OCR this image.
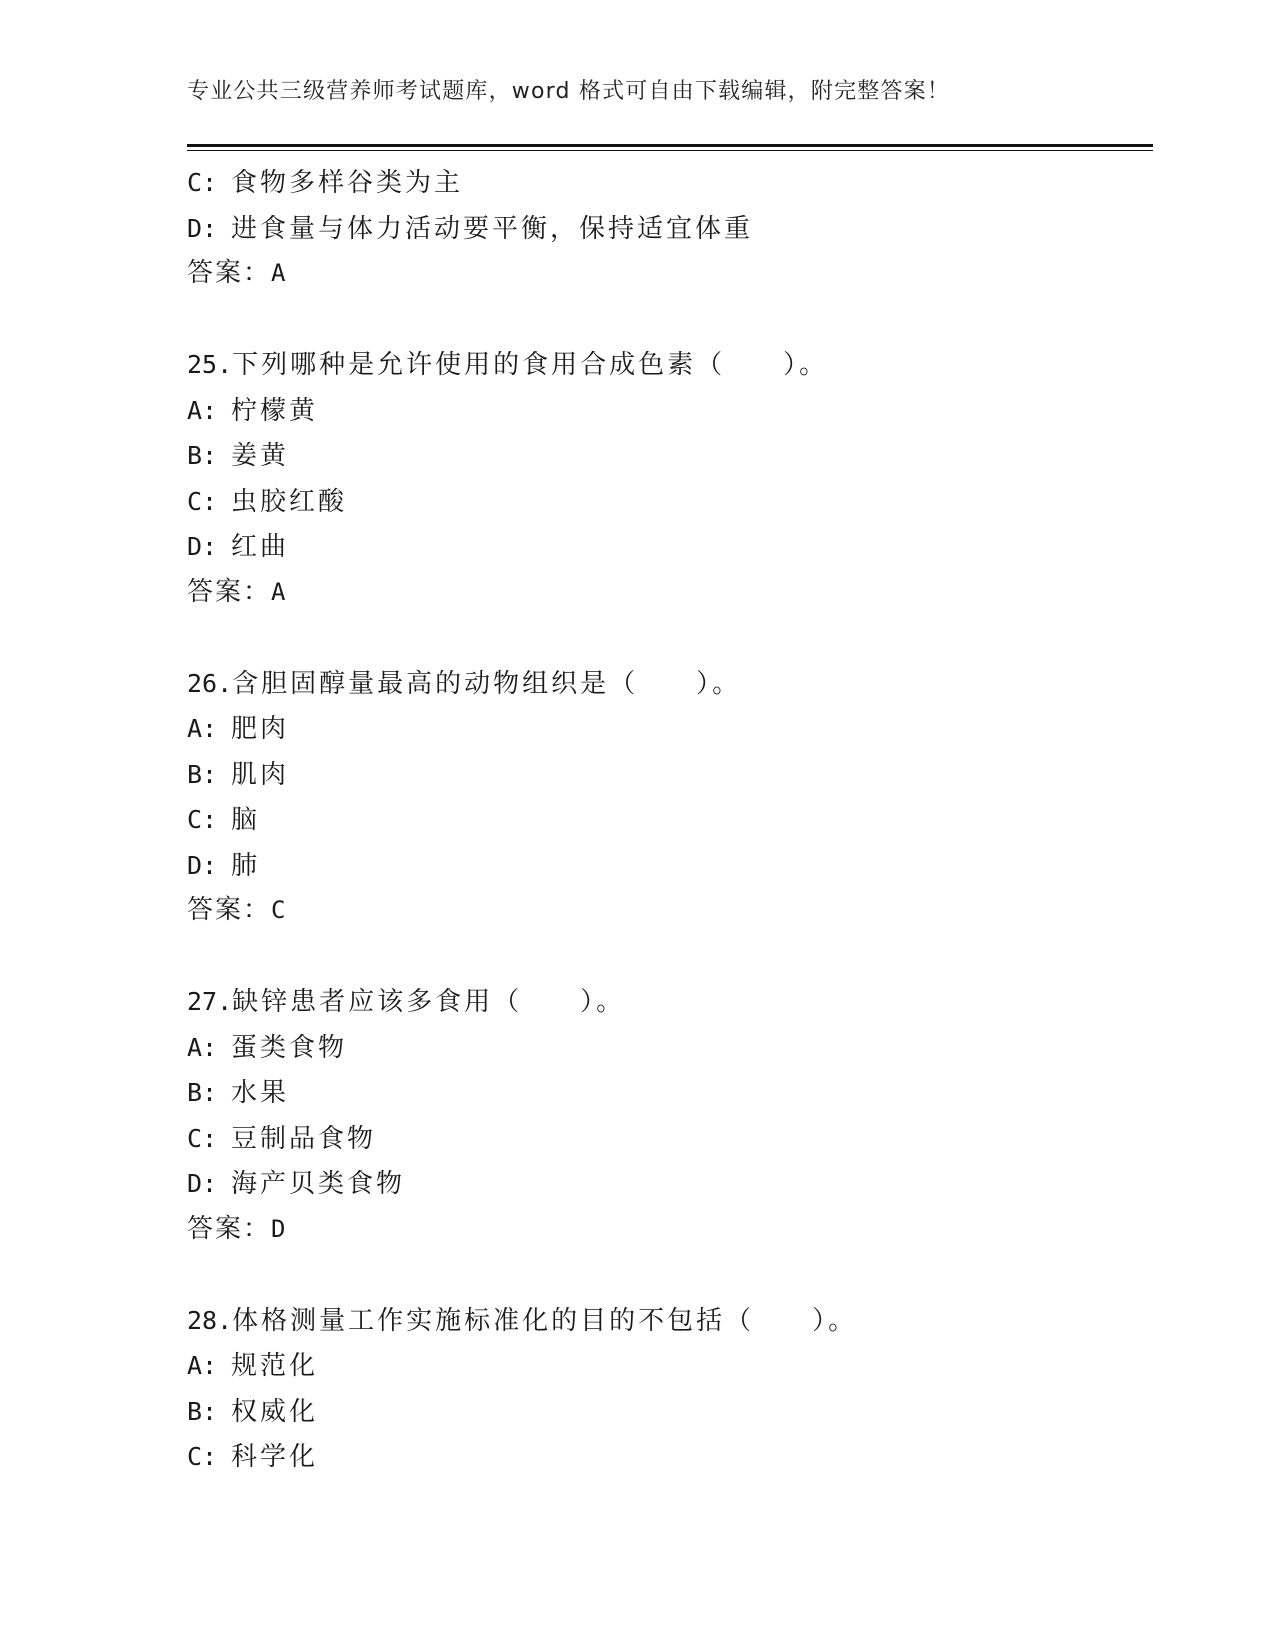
专业公共三级营养师考试题库，word 格式可自由下载编辑，附完整答案！
C: 食物多样谷类为主
D: 进食量与体力活动要平衡，保持适宜体重
答案：A
25.下列哪种是允许使用的食用合成色素（　　）。
A: 柠檬黄
B: 姜黄
C: 虫胶红酸
D: 红曲
答案：A
26.含胆固醇量最高的动物组织是（　　）。
A: 肥肉
B: 肌肉
C: 脑
D: 肺
答案：C
27.缺锌患者应该多食用（　　）。
A: 蛋类食物
B: 水果
C: 豆制品食物
D: 海产贝类食物
答案：D
28.体格测量工作实施标准化的目的不包括（　　）。
A: 规范化
B: 权威化
C: 科学化
